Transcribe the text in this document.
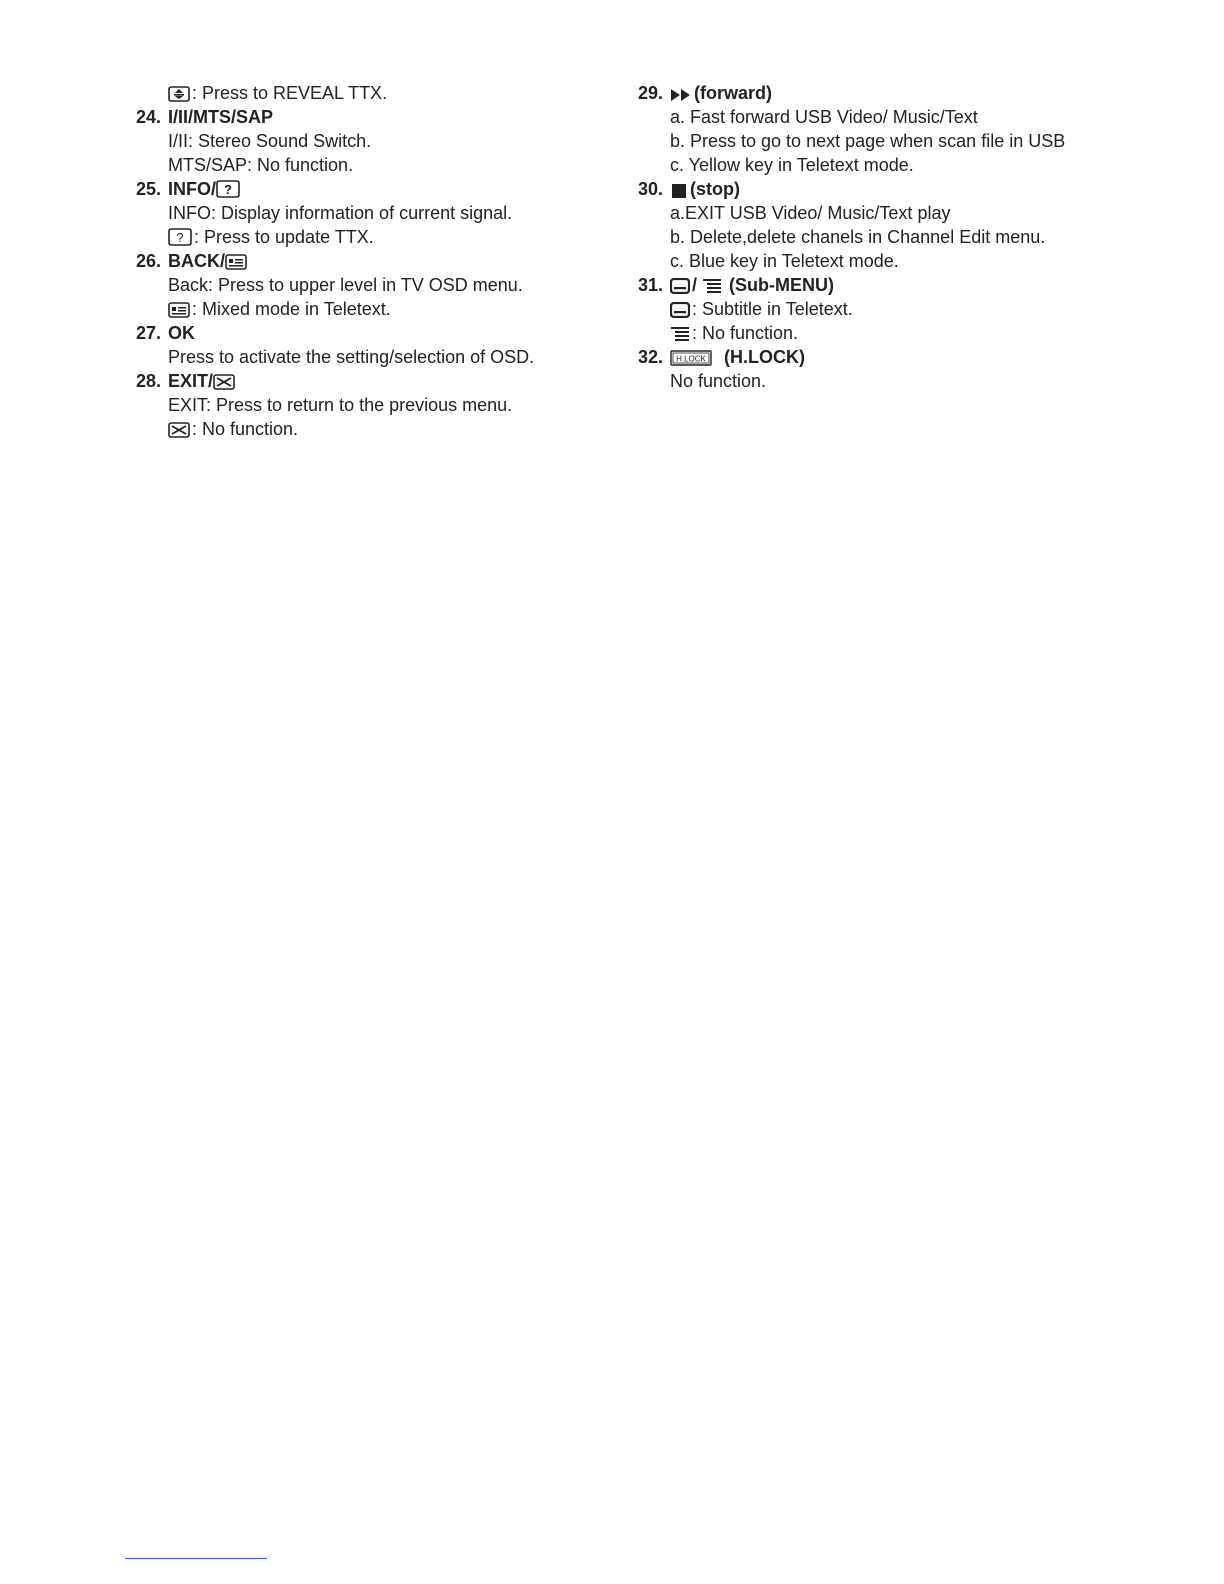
: Press to REVEAL TTX.
24. I/II/MTS/SAP
I/II: Stereo Sound Switch.
MTS/SAP: No function.
25. INFO/ ?
INFO: Display information of current signal.
? : Press to update TTX.
26. BACK/
Back: Press to upper level in TV OSD menu.
: Mixed mode in Teletext.
27. OK
Press to activate the setting/selection of OSD.
28. EXIT/
EXIT: Press to return to the previous menu.
: No function.
29. (forward)
a. Fast forward USB Video/ Music/Text
b. Press to go to next page when scan file in USB
c. Yellow key in Teletext mode.
30. (stop)
a.EXIT USB Video/ Music/Text play
b. Delete,delete chanels in Channel Edit menu.
c. Blue key in Teletext mode.
31. / (Sub-MENU)
: Subtitle in Teletext.
: No function.
32. H.LOCK (H.LOCK)
No function.
